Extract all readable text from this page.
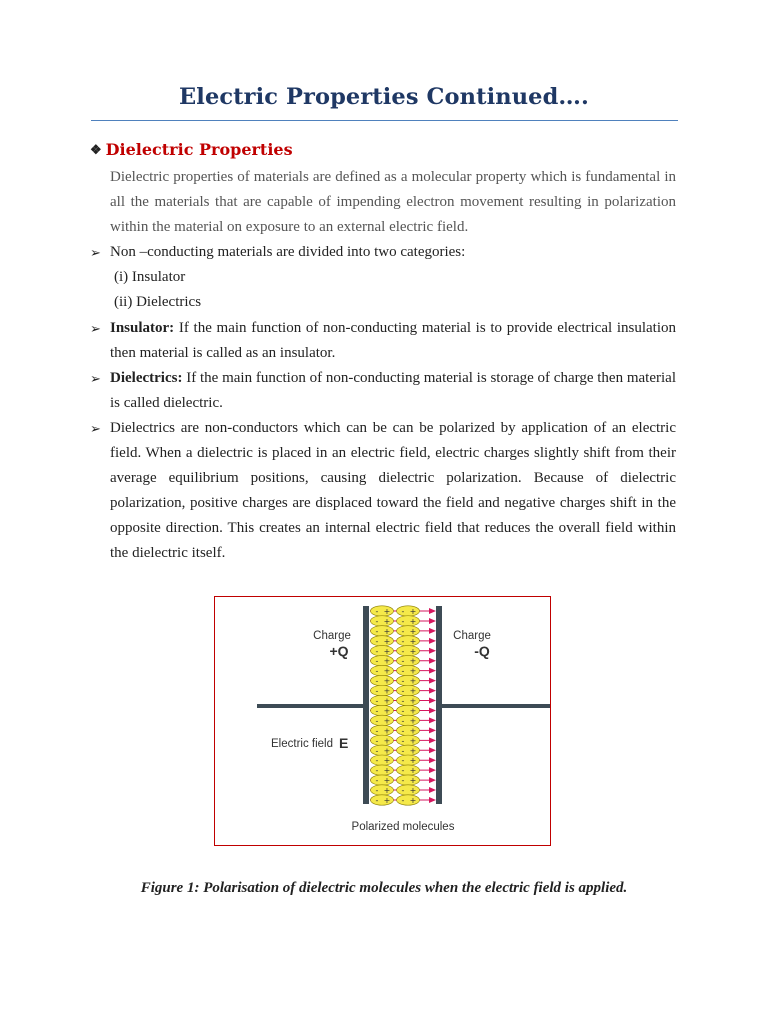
Electric Properties Continued….
❖ Dielectric Properties

Dielectric properties of materials are defined as a molecular property which is fundamental in all the materials that are capable of impending electron movement resulting in polarization within the material on exposure to an external electric field.

➢ Non –conducting materials are divided into two categories:
(i) Insulator
(ii) Dielectrics
➢ Insulator: If the main function of non-conducting material is to provide electrical insulation then material is called as an insulator.
➢ Dielectrics: If the main function of non-conducting material is storage of charge then material is called dielectric.
➢ Dielectrics are non-conductors which can be can be polarized by application of an electric field. When a dielectric is placed in an electric field, electric charges slightly shift from their average equilibrium positions, causing dielectric polarization. Because of dielectric polarization, positive charges are displaced toward the field and negative charges shift in the opposite direction. This creates an internal electric field that reduces the overall field within the dielectric itself.
- + - +
- + - +
- + - +
- + - +
- + - +
- + - +
- + - +
- + - +
- + - +
- + - +
- + - +
- + - +
- + - +
- + - +
- + - +
- + - +
- + - +
- + - +
- + - +
- + - +
Charge
+Q
Charge
-Q
Electric field E
Polarized molecules
Figure 1: Polarisation of dielectric molecules when the electric field is applied.
